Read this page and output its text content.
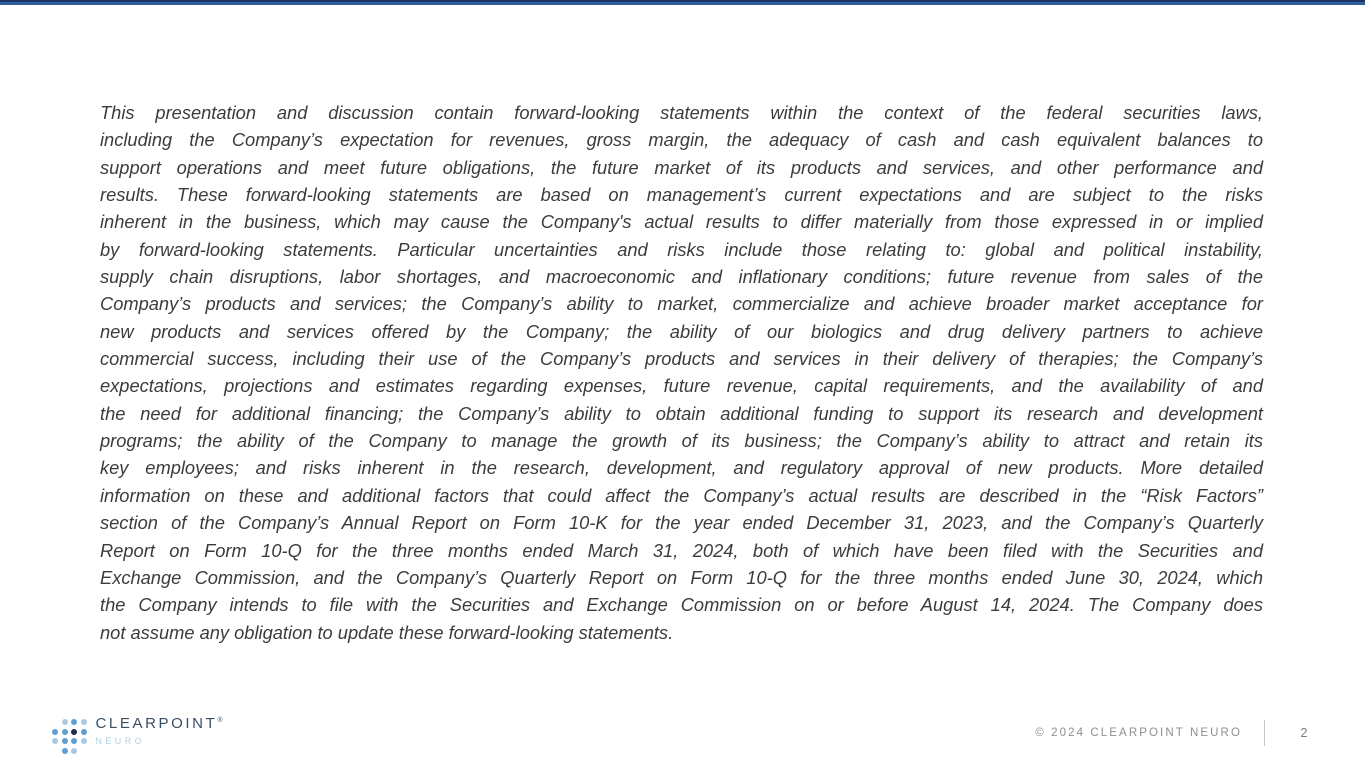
This presentation and discussion contain forward-looking statements within the context of the federal securities laws,
including the Company’s expectation for revenues, gross margin, the adequacy of cash and cash equivalent balances to
support operations and meet future obligations, the future market of its products and services, and other performance and
results. These forward-looking statements are based on management’s current expectations and are subject to the risks
inherent in the business, which may cause the Company's actual results to differ materially from those expressed in or implied
by forward-looking statements. Particular uncertainties and risks include those relating to: global and political instability,
supply chain disruptions, labor shortages, and macroeconomic and inflationary conditions; future revenue from sales of the
Company’s products and services; the Company’s ability to market, commercialize and achieve broader market acceptance for
new products and services offered by the Company; the ability of our biologics and drug delivery partners to achieve
commercial success, including their use of the Company’s products and services in their delivery of therapies; the Company’s
expectations, projections and estimates regarding expenses, future revenue, capital requirements, and the availability of and
the need for additional financing; the Company’s ability to obtain additional funding to support its research and development
programs; the ability of the Company to manage the growth of its business; the Company’s ability to attract and retain its
key employees; and risks inherent in the research, development, and regulatory approval of new products. More detailed
information on these and additional factors that could affect the Company’s actual results are described in the “Risk Factors”
section of the Company’s Annual Report on Form 10-K for the year ended December 31, 2023, and the Company’s Quarterly
Report on Form 10-Q for the three months ended March 31, 2024, both of which have been filed with the Securities and
Exchange Commission, and the Company’s Quarterly Report on Form 10-Q for the three months ended June 30, 2024, which
the Company intends to file with the Securities and Exchange Commission on or before August 14, 2024. The Company does
not assume any obligation to update these forward-looking statements.
CLEARPOINT®
NEURO
© 2024 CLEARPOINT NEURO	2
